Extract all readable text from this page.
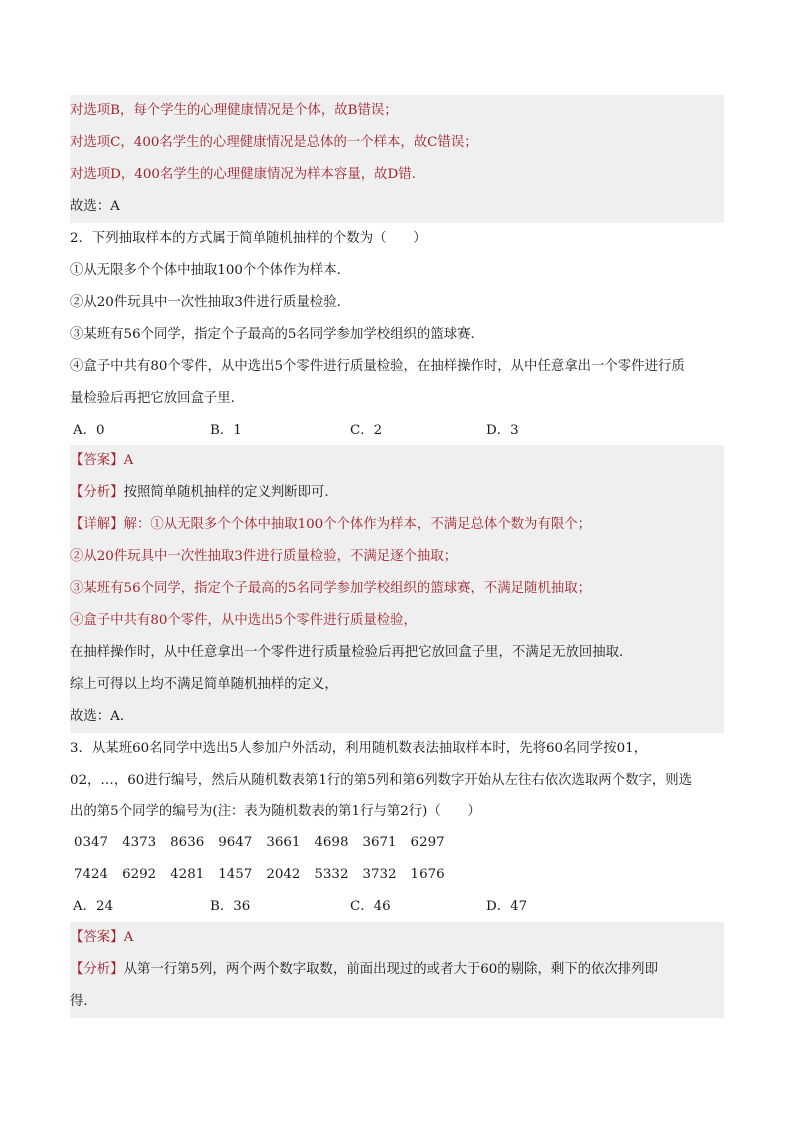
对选项B，每个学生的心理健康情况是个体，故B错误；
对选项C，400名学生的心理健康情况是总体的一个样本，故C错误；
对选项D，400名学生的心理健康情况为样本容量，故D错.
故选：A
2．下列抽取样本的方式属于简单随机抽样的个数为（　　）
①从无限多个个体中抽取100个个体作为样本．
②从20件玩具中一次性抽取3件进行质量检验．
③某班有56个同学，指定个子最高的5名同学参加学校组织的篮球赛．
④盒子中共有80个零件，从中选出5个零件进行质量检验，在抽样操作时，从中任意拿出一个零件进行质
量检验后再把它放回盒子里．
A．0	B．1	C．2	D．3
【答案】A
【分析】按照简单随机抽样的定义判断即可.
【详解】解：①从无限多个个体中抽取100个个体作为样本，不满足总体个数为有限个；
②从20件玩具中一次性抽取3件进行质量检验，不满足逐个抽取；
③某班有56个同学，指定个子最高的5名同学参加学校组织的篮球赛，不满足随机抽取；
④盒子中共有80个零件，从中选出5个零件进行质量检验，
在抽样操作时，从中任意拿出一个零件进行质量检验后再把它放回盒子里，不满足无放回抽取．
综上可得以上均不满足简单随机抽样的定义，
故选：A．
3．从某班60名同学中选出5人参加户外活动，利用随机数表法抽取样本时，先将60名同学按01，
02，…，60进行编号，然后从随机数表第1行的第5列和第6列数字开始从左往右依次选取两个数字，则选
出的第5个同学的编号为(注：表为随机数表的第1行与第2行)（　　）
0347 4373 8636 9647 3661 4698 3671 6297
7424 6292 4281 1457 2042 5332 3732 1676
A．24	B．36	C．46	D．47
【答案】A
【分析】从第一行第5列，两个两个数字取数，前面出现过的或者大于60的剔除，剩下的依次排列即
得．
